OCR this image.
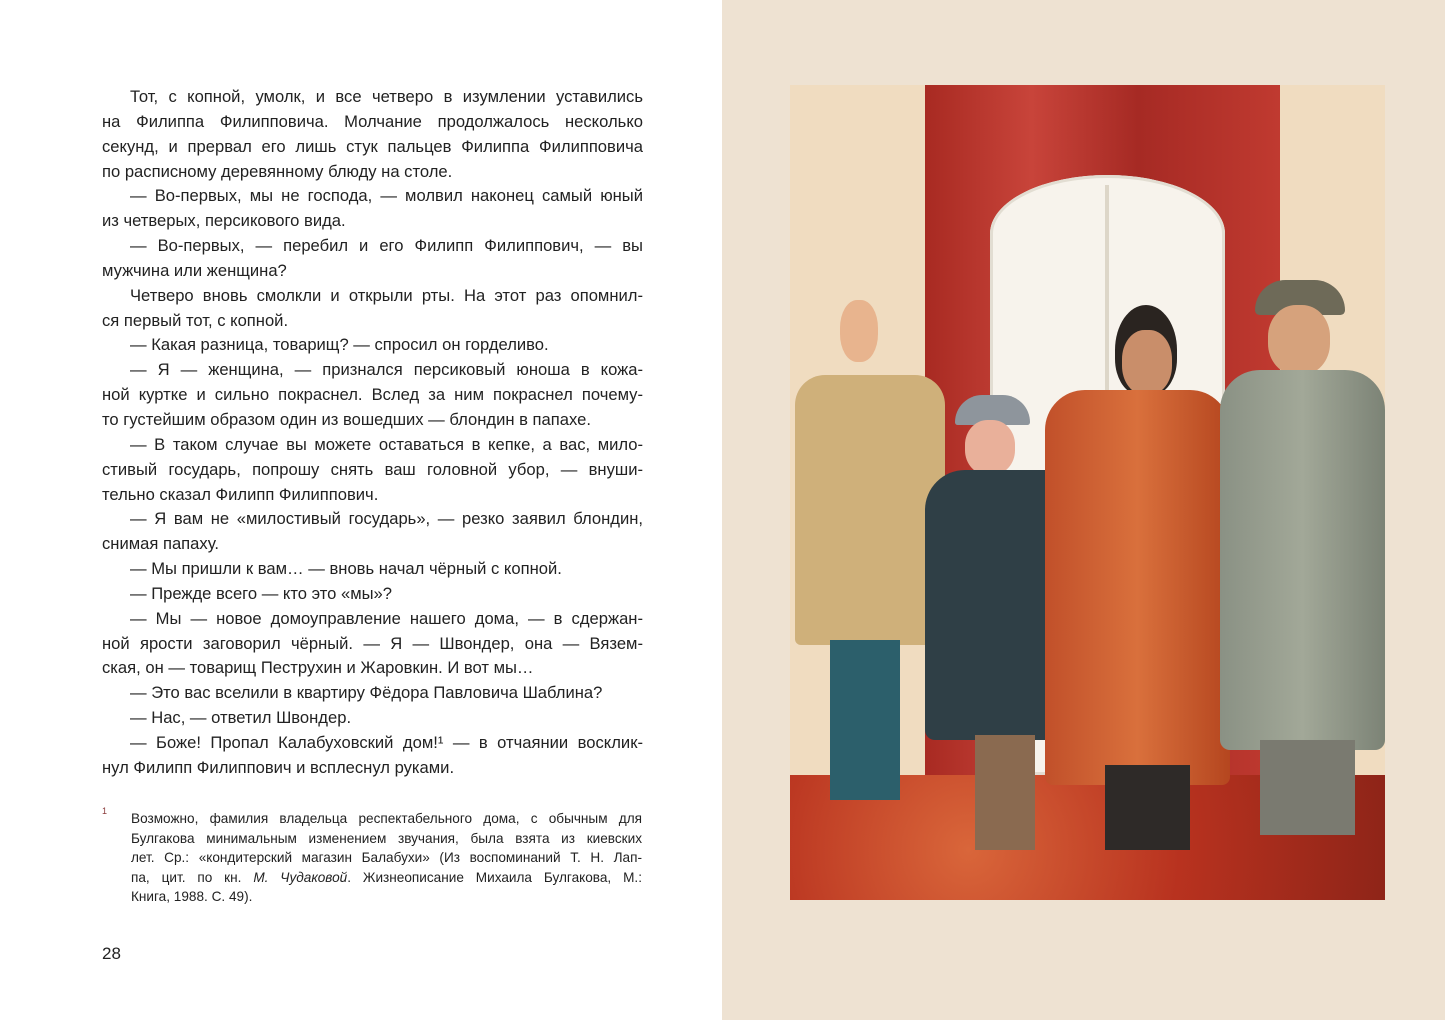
Тот, с копной, умолк, и все четверо в изумлении уставились
на Филиппа Филипповича. Молчание продолжалось несколько
секунд, и прервал его лишь стук пальцев Филиппа Филипповича
по расписному деревянному блюду на столе.
— Во-первых, мы не господа, — молвил наконец самый юный
из четверых, персикового вида.
— Во-первых, — перебил и его Филипп Филиппович, — вы
мужчина или женщина?
Четверо вновь смолкли и открыли рты. На этот раз опомнил-
ся первый тот, с копной.
— Какая разница, товарищ? — спросил он горделиво.
— Я — женщина, — признался персиковый юноша в кожа-
ной куртке и сильно покраснел. Вслед за ним покраснел почему-
то густейшим образом один из вошедших — блондин в папахе.
— В таком случае вы можете оставаться в кепке, а вас, мило-
стивый государь, попрошу снять ваш головной убор, — внуши-
тельно сказал Филипп Филиппович.
— Я вам не «милостивый государь», — резко заявил блондин,
снимая папаху.
— Мы пришли к вам… — вновь начал чёрный с копной.
— Прежде всего — кто это «мы»?
— Мы — новое домоуправление нашего дома, — в сдержан-
ной ярости заговорил чёрный. — Я — Швондер, она — Вязем-
ская, он — товарищ Пеструхин и Жаровкин. И вот мы…
— Это вас вселили в квартиру Фёдора Павловича Шаблина?
— Нас, — ответил Швондер.
— Боже! Пропал Калабуховский дом!¹ — в отчаянии восклик-
нул Филипп Филиппович и всплеснул руками.
1 Возможно, фамилия владельца респектабельного дома, с обычным для
Булгакова минимальным изменением звучания, была взята из киевских
лет. Ср.: «кондитерский магазин Балабухи» (Из воспоминаний Т. Н. Лап-
па, цит. по кн. М. Чудаковой. Жизнеописание Михаила Булгакова, М.:
Книга, 1988. С. 49).
28
